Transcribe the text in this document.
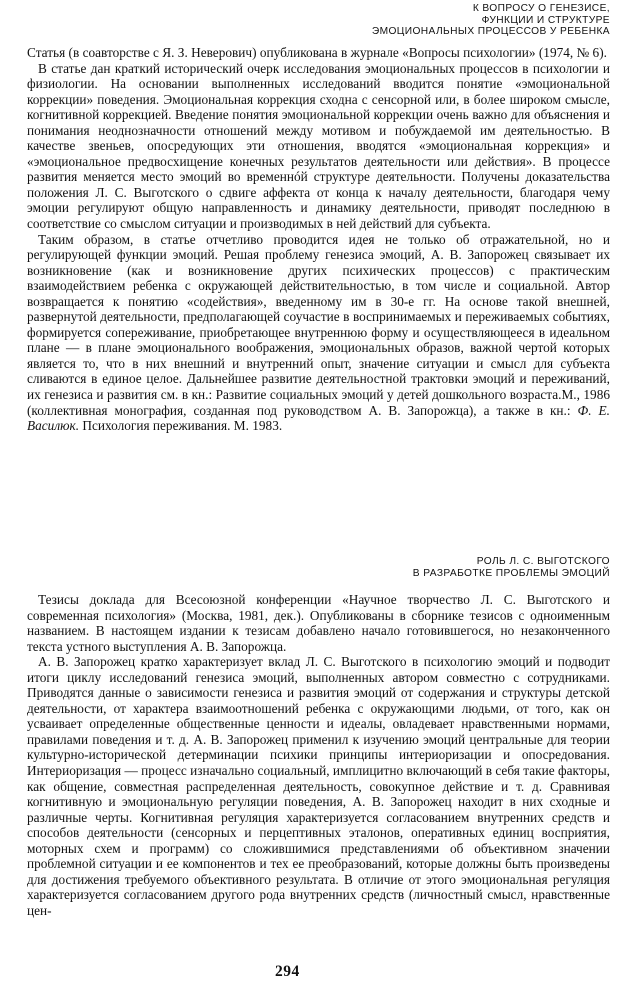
К ВОПРОСУ О ГЕНЕЗИСЕ,
ФУНКЦИИ И СТРУКТУРЕ
ЭМОЦИОНАЛЬНЫХ ПРОЦЕССОВ У РЕБЕНКА

Статья (в соавторстве с Я. З. Неверович) опубликована в журнале «Вопросы психологии» (1974, № 6).

В статье дан краткий исторический очерк исследования эмоциональных процессов в психологии и физиологии. На основании выполненных исследований вводится понятие «эмоциональной коррекции» поведения. Эмоциональная коррекция сходна с сенсорной или, в более широком смысле, когнитивной коррекцией. Введение понятия эмоциональной коррекции очень важно для объяснения и понимания неоднозначности отношений между мотивом и побуждаемой им деятельностью. В качестве звеньев, опосредующих эти отношения, вводятся «эмоциональная коррекция» и «эмоциональное предвосхищение конечных результатов деятельности или действия». В процессе развития меняется место эмоций во временнóй структуре деятельности. Получены доказательства положения Л. С. Выготского о сдвиге аффекта от конца к началу деятельности, благодаря чему эмоции регулируют общую направленность и динамику деятельности, приводят последнюю в соответствие со смыслом ситуации и производимых в ней действий для субъекта.

Таким образом, в статье отчетливо проводится идея не только об отражательной, но и регулирующей функции эмоций. Решая проблему генезиса эмоций, А. В. Запорожец связывает их возникновение (как и возникновение других психических процессов) с практическим взаимодействием ребенка с окружающей действительностью, в том числе и социальной. Автор возвращается к понятию «содействия», введенному им в 30-е гг. На основе такой внешней, развернутой деятельности, предполагающей соучастие в воспринимаемых и переживаемых событиях, формируется сопереживание, приобретающее внутреннюю форму и осуществляющееся в идеальном плане — в плане эмоционального воображения, эмоциональных образов, важной чертой которых является то, что в них внешний и внутренний опыт, значение ситуации и смысл для субъекта сливаются в единое целое. Дальнейшее развитие деятельностной трактовки эмоций и переживаний, их генезиса и развития см. в кн.: Развитие социальных эмоций у детей дошкольного возраста.М., 1986 (коллективная монография, созданная под руководством А. В. Запорожца), а также в кн.: Ф. Е. Василюк. Психология переживания. М. 1983.

РОЛЬ Л. С. ВЫГОТСКОГО
В РАЗРАБОТКЕ ПРОБЛЕМЫ ЭМОЦИЙ

Тезисы доклада для Всесоюзной конференции «Научное творчество Л. С. Выготского и современная психология» (Москва, 1981, дек.). Опубликованы в сборнике тезисов с одноименным названием. В настоящем издании к тезисам добавлено начало готовившегося, но незаконченного текста устного выступления А. В. Запорожца.

А. В. Запорожец кратко характеризует вклад Л. С. Выготского в психологию эмоций и подводит итоги циклу исследований генезиса эмоций, выполненных автором совместно с сотрудниками. Приводятся данные о зависимости генезиса и развития эмоций от содержания и структуры детской деятельности, от характера взаимоотношений ребенка с окружающими людьми, от того, как он усваивает определенные общественные ценности и идеалы, овладевает нравственными нормами, правилами поведения и т. д. А. В. Запорожец применил к изучению эмоций центральные для теории культурно-исторической детерминации психики принципы интериоризации и опосредования. Интериоризация — процесс изначально социальный, имплицитно включающий в себя такие факторы, как общение, совместная распределенная деятельность, совокупное действие и т. д. Сравнивая когнитивную и эмоциональную регуляции поведения, А. В. Запорожец находит в них сходные и различные черты. Когнитивная регуляция характеризуется согласованием внутренних средств и способов деятельности (сенсорных и перцептивных эталонов, оперативных единиц восприятия, моторных схем и программ) со сложившимися представлениями об объективном значении проблемной ситуации и ее компонентов и тех ее преобразований, которые должны быть произведены для достижения требуемого объективного результата. В отличие от этого эмоциональная регуляция характеризуется согласованием другого рода внутренних средств (личностный смысл, нравственные цен-

294
